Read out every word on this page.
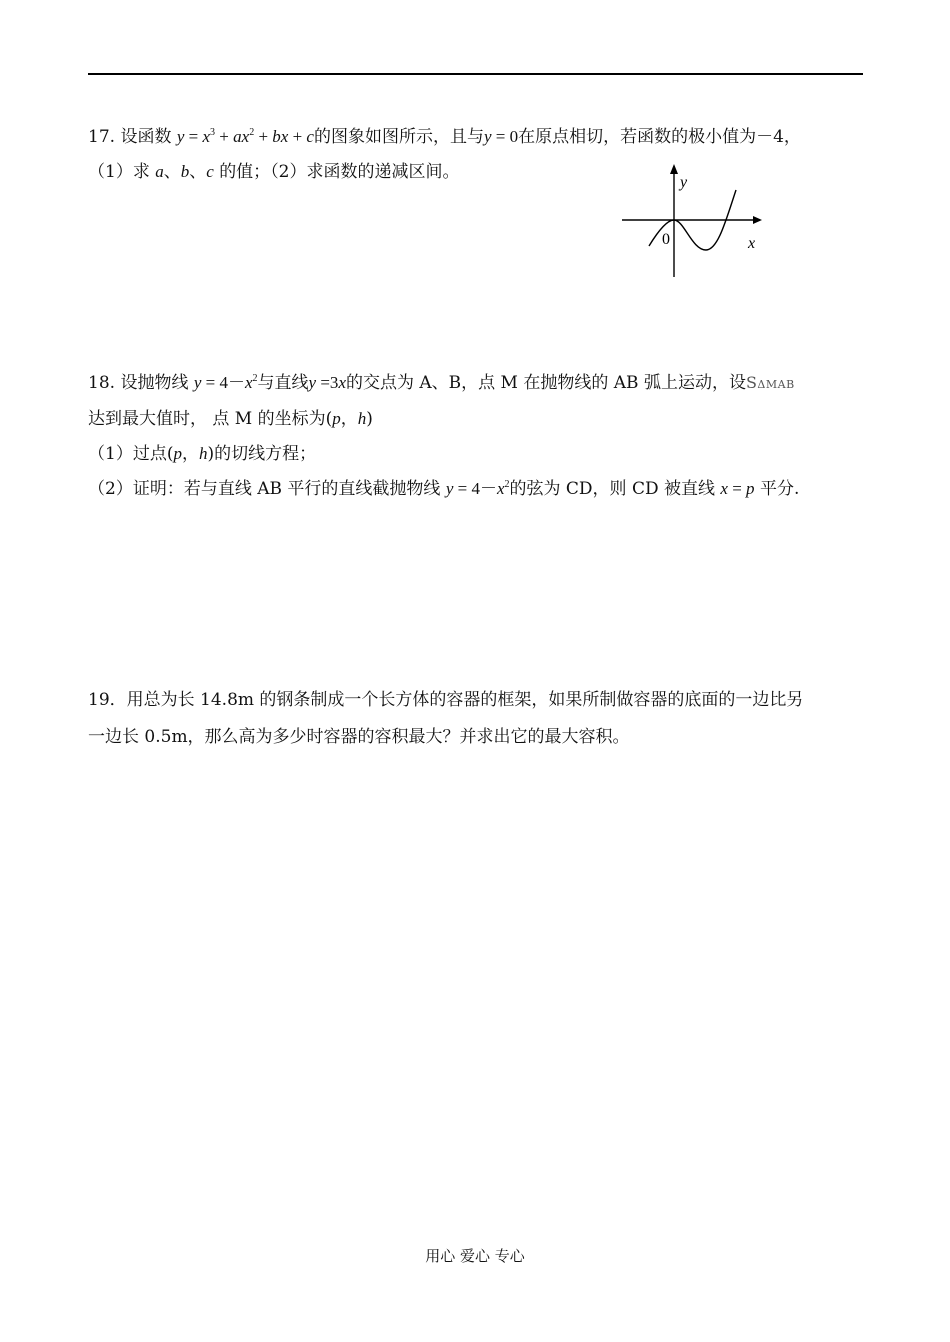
17. 设函数 $y = x^3 + ax^2$ + bx + c的图象如图所示，且与y = 0在原点相切，若函数的极小值为－4，
（1）求 a、b、c 的值；（2）求函数的递减区间。
y
x
0
18. 设抛物线 $y = 4-x^2$与直线y =3x的交点为 A、B，点 M 在抛物线的 AB 弧上运动，设SΔMAB
达到最大值时， 点 M 的坐标为(p，h)
（1）过点(p，h)的切线方程；
（2）证明：若与直线 AB 平行的直线截抛物线 $y = 4-x^2$的弦为 CD，则 CD 被直线 x = p 平分.
19．用总为长 14.8m 的钢条制成一个长方体的容器的框架，如果所制做容器的底面的一边比另
一边长 0.5m，那么高为多少时容器的容积最大？并求出它的最大容积。
用心 爱心 专心
